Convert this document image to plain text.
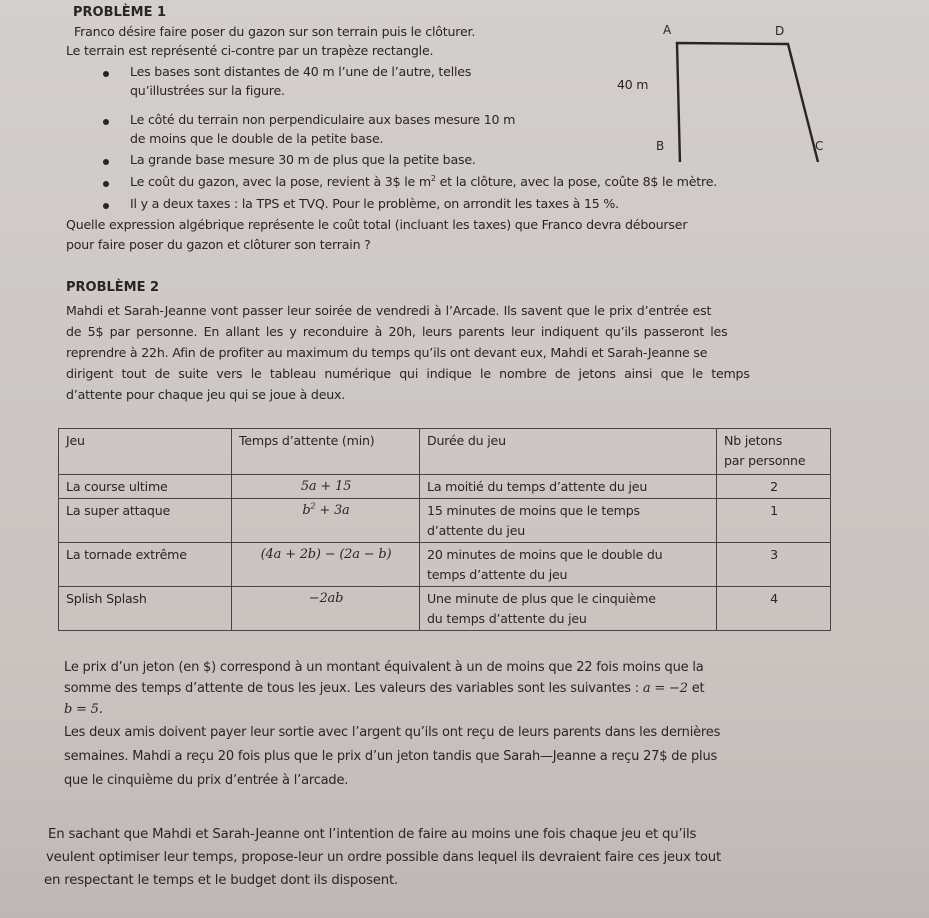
PROBLÈME 1
Franco désire faire poser du gazon sur son terrain puis le clôturer.
Le terrain est représenté ci-contre par un trapèze rectangle.
Les bases sont distantes de 40 m l’une de l’autre, telles
qu’illustrées sur la figure.
Le côté du terrain non perpendiculaire aux bases mesure 10 m
de moins que le double de la petite base.
La grande base mesure 30 m de plus que la petite base.
Le coût du gazon, avec la pose, revient à 3$ le $m^2$ et la clôture, avec la pose, coûte 8$ le mètre.
Il y a deux taxes : la TPS et TVQ. Pour le problème, on arrondit les taxes à 15 %.
Quelle expression algébrique représente le coût total (incluant les taxes) que Franco devra débourser
pour faire poser du gazon et clôturer son terrain ?
A	D
B	C
40 m
PROBLÈME 2
Mahdi et Sarah-Jeanne vont passer leur soirée de vendredi à l’Arcade. Ils savent que le prix d’entrée est
de 5$ par personne. En allant les y reconduire à 20h, leurs parents leur indiquent qu’ils passeront les
reprendre à 22h. Afin de profiter au maximum du temps qu’ils ont devant eux, Mahdi et Sarah-Jeanne se
dirigent tout de suite vers le tableau numérique qui indique le nombre de jetons ainsi que le temps
d’attente pour chaque jeu qui se joue à deux.
Jeu	Temps d’attente (min)	Durée du jeu	Nb jetons
par personne

La course ultime	5a + 15	La moitié du temps d’attente du jeu	2
La super attaque	$b^2 + 3a$	15 minutes de moins que le temps
d’attente du jeu	1
La tornade extrême	(4a + 2b) − (2a − b)	20 minutes de moins que le double du
temps d’attente du jeu	3
Splish Splash	−2ab	Une minute de plus que le cinquième
du temps d’attente du jeu	4
Le prix d’un jeton (en $) correspond à un montant équivalent à un de moins que 22 fois moins que la
somme des temps d’attente de tous les jeux. Les valeurs des variables sont les suivantes : a = −2 et
b = 5.
Les deux amis doivent payer leur sortie avec l’argent qu’ils ont reçu de leurs parents dans les dernières
semaines. Mahdi a reçu 20 fois plus que le prix d’un jeton tandis que Sarah—Jeanne a reçu 27$ de plus
que le cinquième du prix d’entrée à l’arcade.
En sachant que Mahdi et Sarah-Jeanne ont l’intention de faire au moins une fois chaque jeu et qu’ils
veulent optimiser leur temps, propose-leur un ordre possible dans lequel ils devraient faire ces jeux tout
en respectant le temps et le budget dont ils disposent.
